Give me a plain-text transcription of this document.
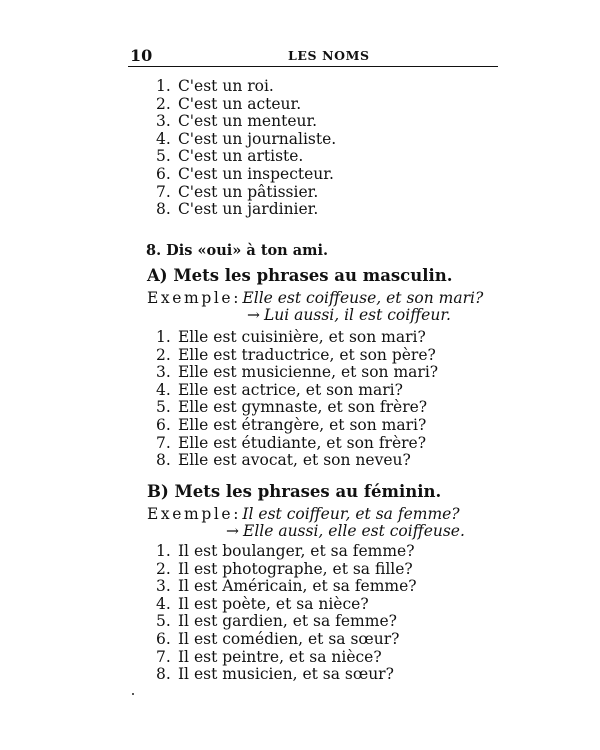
10	LES NOMS
1. C'est un roi.
2. C'est un acteur.
3. C'est un menteur.
4. C'est un journaliste.
5. C'est un artiste.
6. C'est un inspecteur.
7. C'est un pâtissier.
8. C'est un jardinier.
8. Dis «oui» à ton ami.
A) Mets les phrases au masculin.
Exemple: Elle est coiffeuse, et son mari?
→ Lui aussi, il est coiffeur.
1. Elle est cuisinière, et son mari?
2. Elle est traductrice, et son père?
3. Elle est musicienne, et son mari?
4. Elle est actrice, et son mari?
5. Elle est gymnaste, et son frère?
6. Elle est étrangère, et son mari?
7. Elle est étudiante, et son frère?
8. Elle est avocat, et son neveu?
B) Mets les phrases au féminin.
Exemple: Il est coiffeur, et sa femme?
→ Elle aussi, elle est coiffeuse.
1. Il est boulanger, et sa femme?
2. Il est photographe, et sa fille?
3. Il est Américain, et sa femme?
4. Il est poète, et sa nièce?
5. Il est gardien, et sa femme?
6. Il est comédien, et sa sœur?
7. Il est peintre, et sa nièce?
8. Il est musicien, et sa sœur?
